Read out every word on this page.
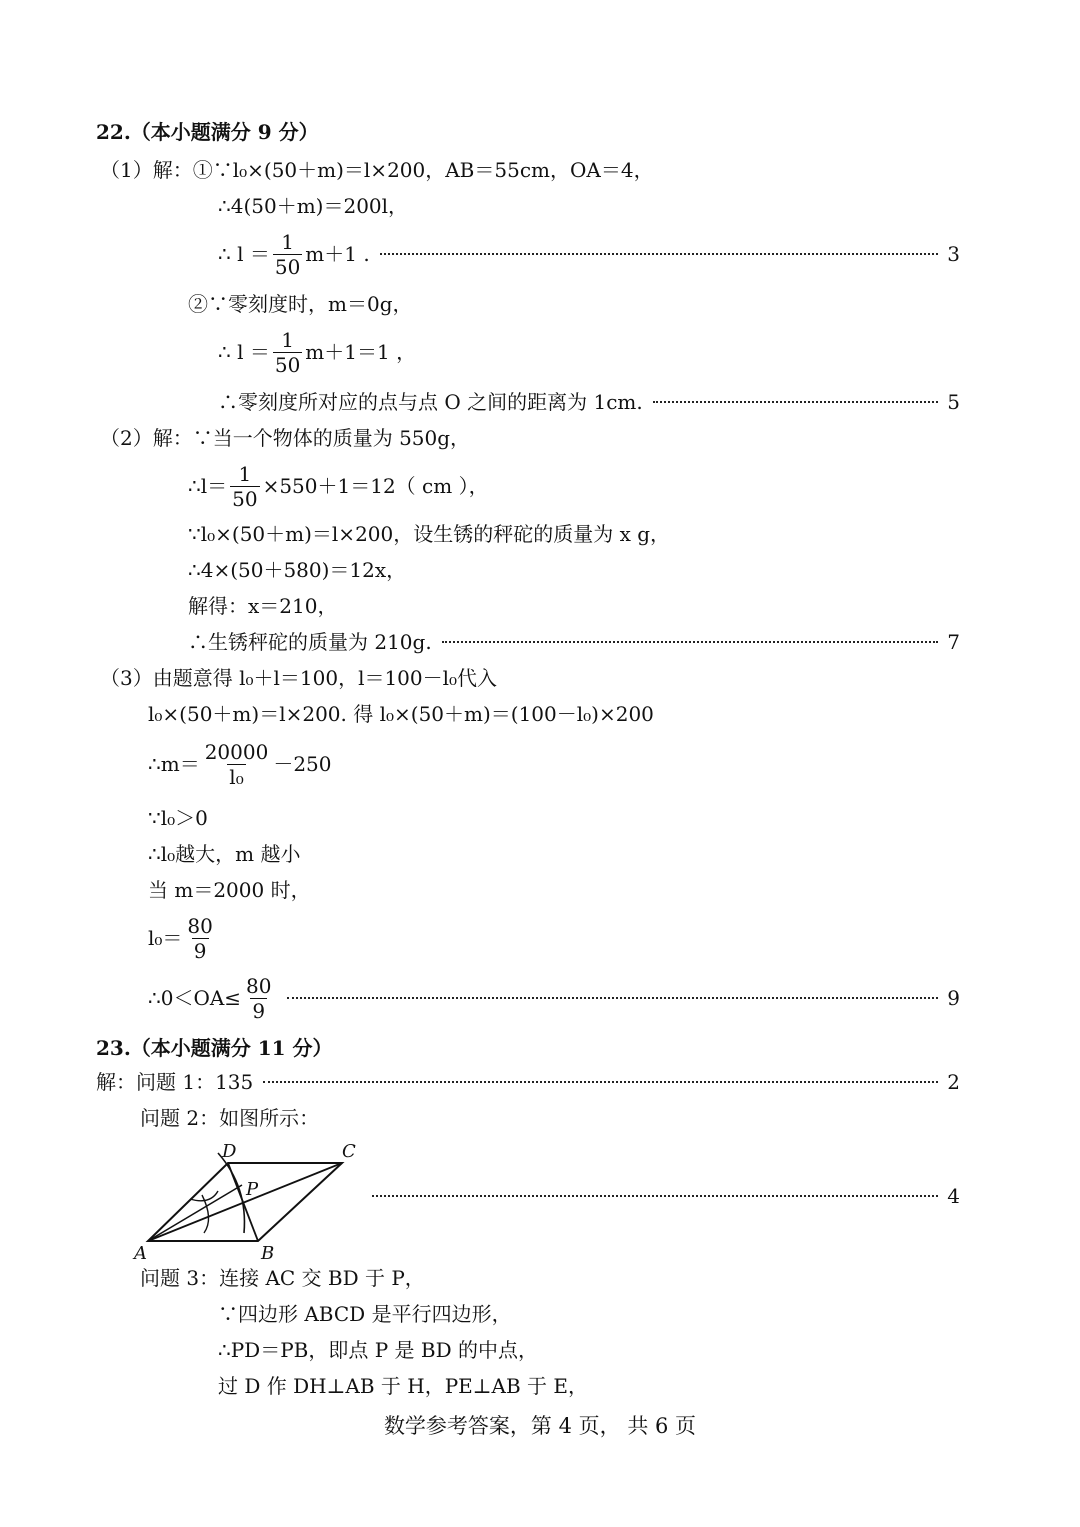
22.（本小题满分 9 分）
（1）解：①∵l₀×(50＋m)＝l×200，AB＝55cm，OA＝4，
∴4(50＋m)＝200l，
∴ $l = \frac{1}{50} m+1$ .	3
②∵零刻度时，m＝0g，
∴ $l = \frac{1}{50} m+1=1$ ，
∴零刻度所对应的点与点 O 之间的距离为 1cm.	5
（2）解：∵当一个物体的质量为 550g，
∴l＝ $\frac{1}{50} \times 550+1=12$（ cm ），
∵l₀×(50＋m)＝l×200，设生锈的秤砣的质量为 x g，
∴4×(50＋580)＝12x，
解得：x＝210，
∴生锈秤砣的质量为 210g.	7
（3）由题意得 l₀＋l＝100，l＝100－l₀代入
l₀×(50＋m)＝l×200. 得 l₀×(50＋m)＝(100－l₀)×200
∴m＝ $\frac{20000}{\text{l₀}} -250$
∵l₀＞0
∴l₀越大，m 越小
当 m＝2000 时，
$l_0= \frac{80}{9}$
∴0＜OA≤ $\frac{80}{9}$	9
23.（本小题满分 11 分）
解：问题 1：135	2
问题 2：如图所示：
A	B
C
D
P	4
问题 3：连接 AC 交 BD 于 P，
∵四边形 ABCD 是平行四边形，
∴PD＝PB，即点 P 是 BD 的中点，
过 D 作 DH⊥AB 于 H，PE⊥AB 于 E，
数学参考答案，第 4 页， 共 6 页
